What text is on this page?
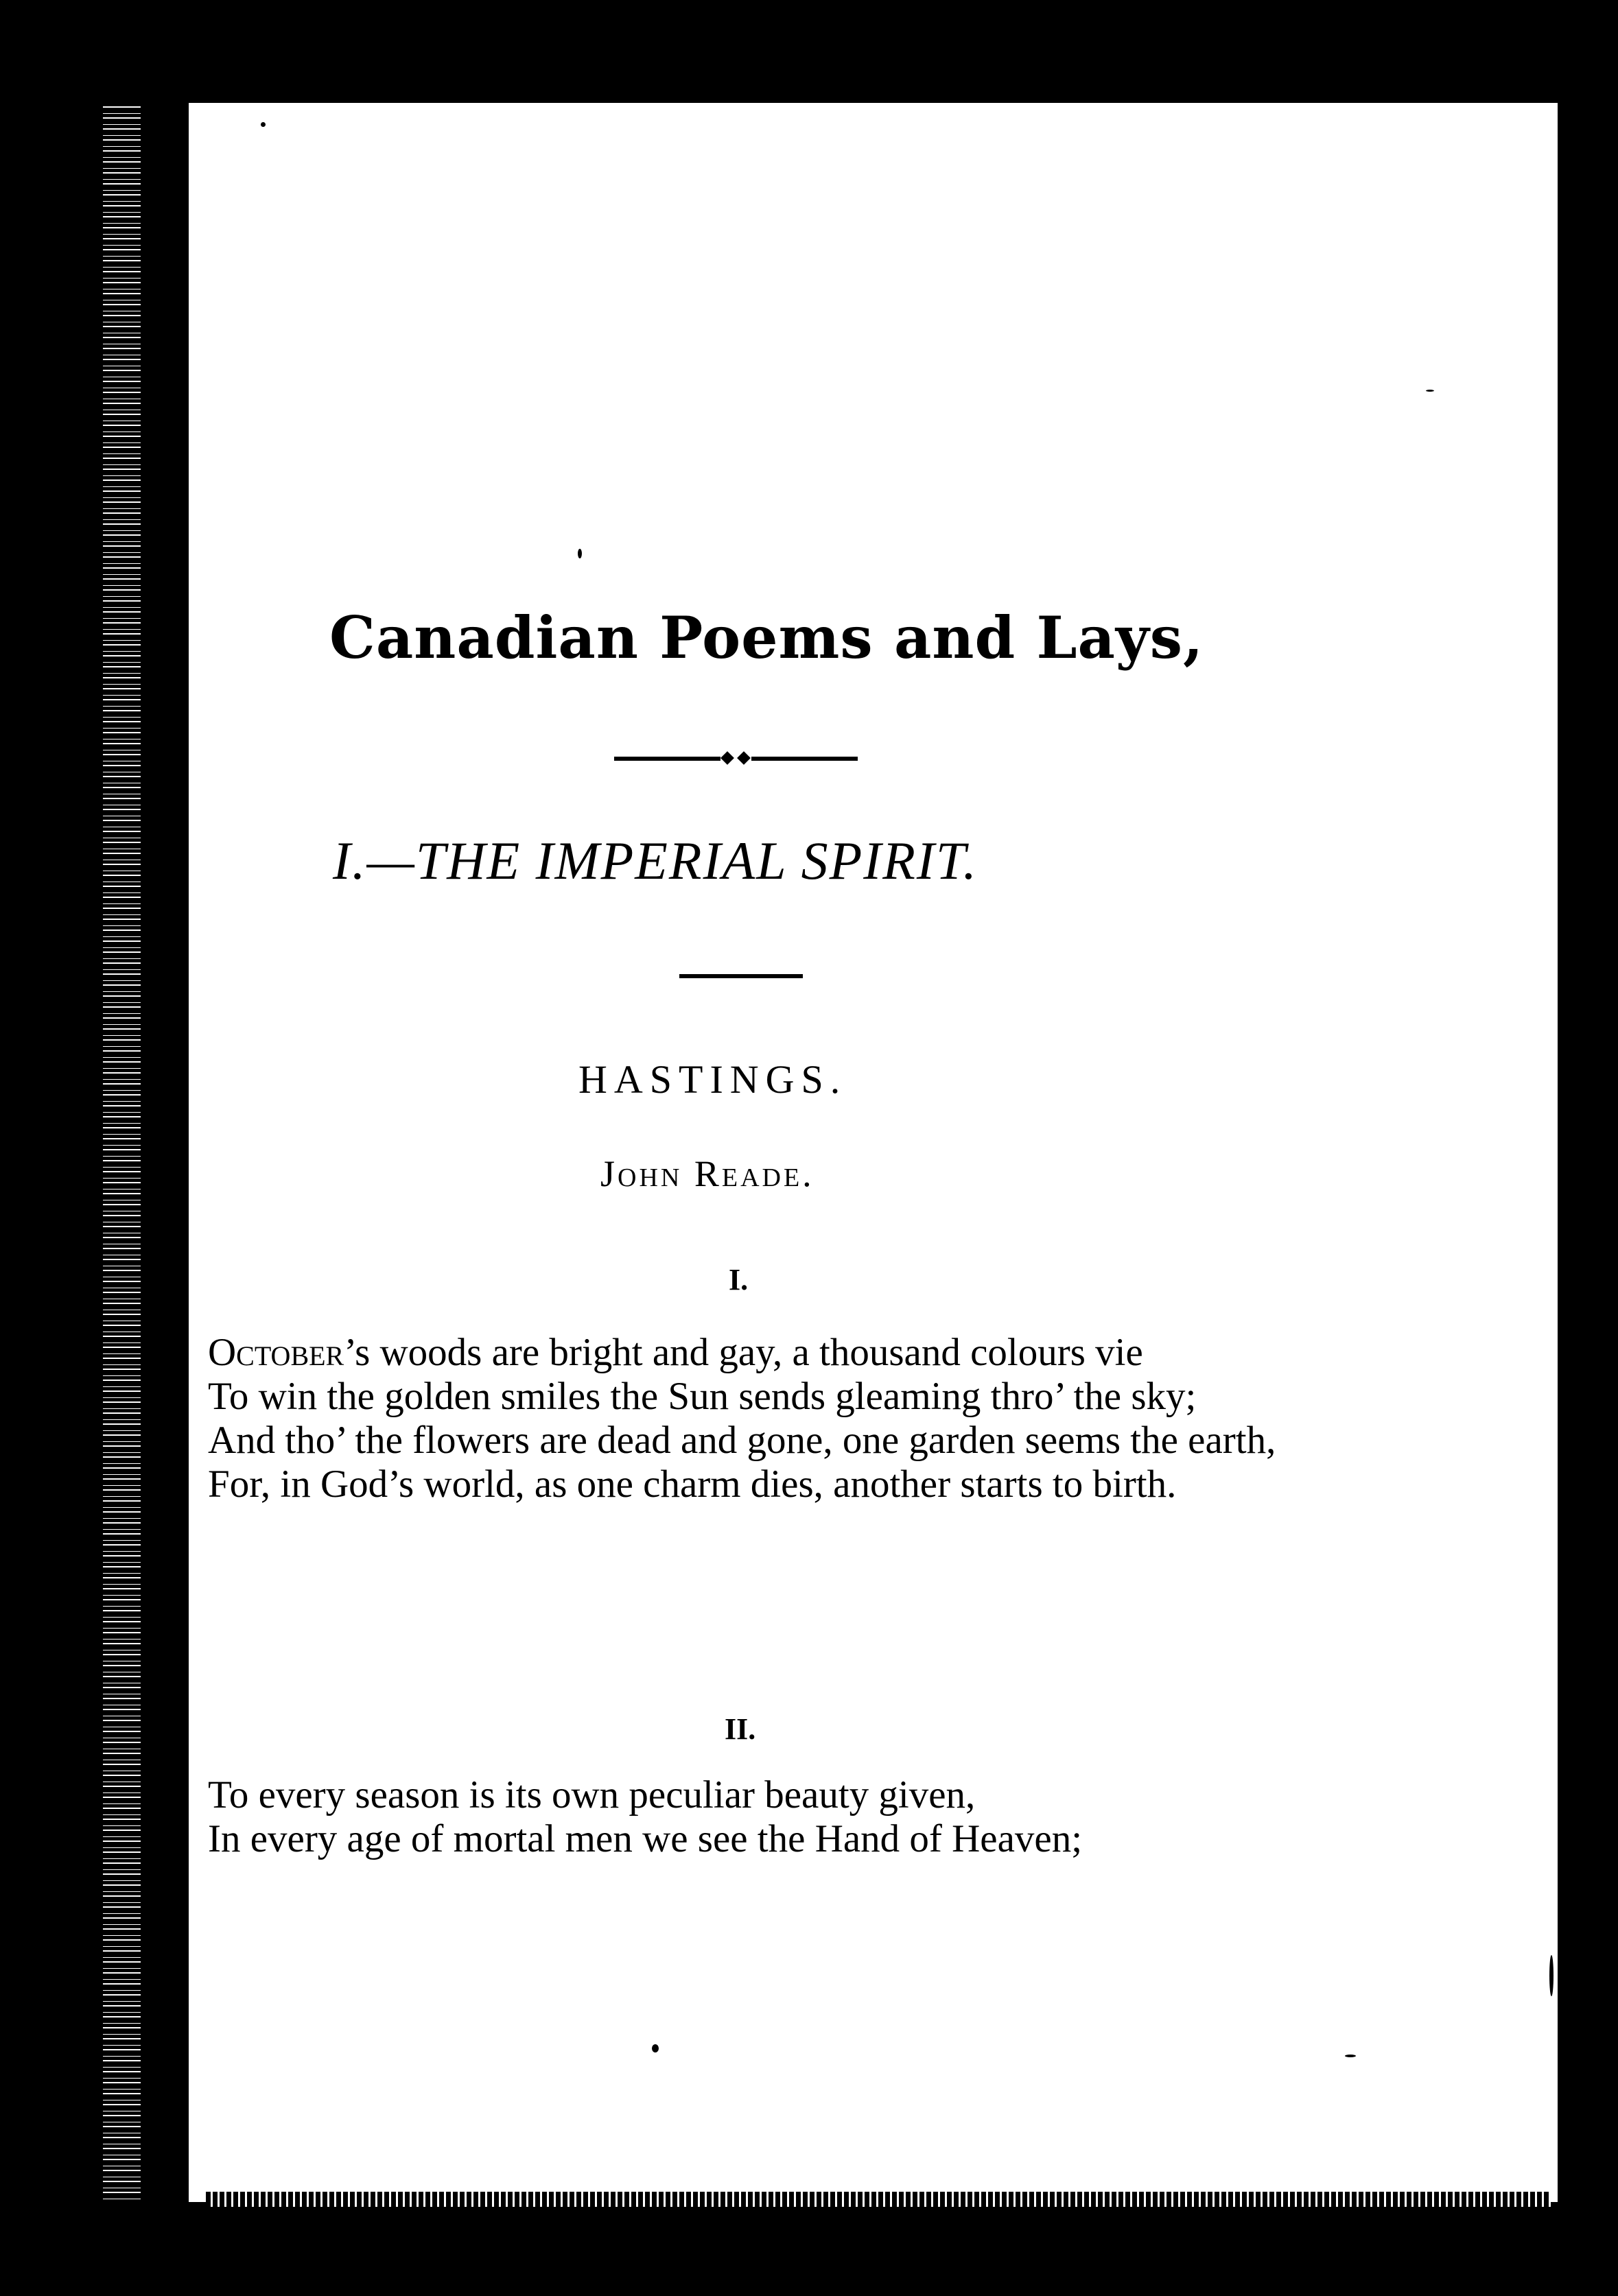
Canadian Poems and Lays,
I.—THE IMPERIAL SPIRIT.
HASTINGS.
John Reade.
I.
October’s woods are bright and gay, a thousand colours vie
To win the golden smiles the Sun sends gleaming thro’ the sky;
And tho’ the flowers are dead and gone, one garden seems the earth,
For, in God’s world, as one charm dies, another starts to birth.
II.
To every season is its own peculiar beauty given,
In every age of mortal men we see the Hand of Heaven;
